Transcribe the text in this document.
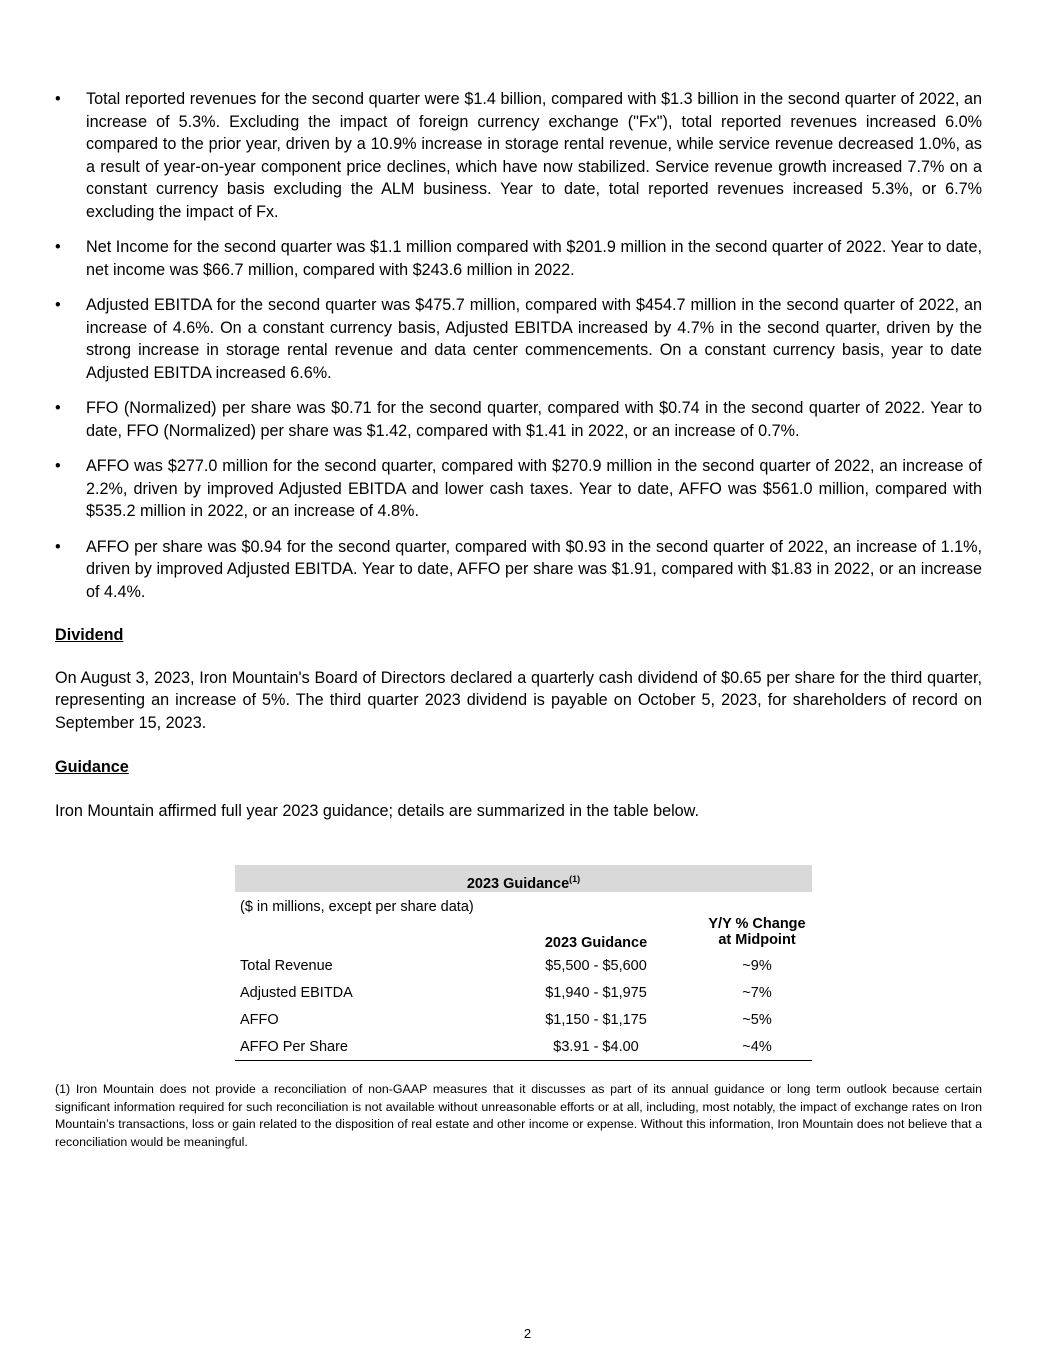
• Total reported revenues for the second quarter were $1.4 billion, compared with $1.3 billion in the second quarter of 2022, an increase of 5.3%. Excluding the impact of foreign currency exchange ("Fx"), total reported revenues increased 6.0% compared to the prior year, driven by a 10.9% increase in storage rental revenue, while service revenue decreased 1.0%, as a result of year-on-year component price declines, which have now stabilized. Service revenue growth increased 7.7% on a constant currency basis excluding the ALM business. Year to date, total reported revenues increased 5.3%, or 6.7% excluding the impact of Fx.
• Net Income for the second quarter was $1.1 million compared with $201.9 million in the second quarter of 2022. Year to date, net income was $66.7 million, compared with $243.6 million in 2022.
• Adjusted EBITDA for the second quarter was $475.7 million, compared with $454.7 million in the second quarter of 2022, an increase of 4.6%. On a constant currency basis, Adjusted EBITDA increased by 4.7% in the second quarter, driven by the strong increase in storage rental revenue and data center commencements. On a constant currency basis, year to date Adjusted EBITDA increased 6.6%.
• FFO (Normalized) per share was $0.71 for the second quarter, compared with $0.74 in the second quarter of 2022. Year to date, FFO (Normalized) per share was $1.42, compared with $1.41 in 2022, or an increase of 0.7%.
• AFFO was $277.0 million for the second quarter, compared with $270.9 million in the second quarter of 2022, an increase of 2.2%, driven by improved Adjusted EBITDA and lower cash taxes. Year to date, AFFO was $561.0 million, compared with $535.2 million in 2022, or an increase of 4.8%.
• AFFO per share was $0.94 for the second quarter, compared with $0.93 in the second quarter of 2022, an increase of 1.1%, driven by improved Adjusted EBITDA. Year to date, AFFO per share was $1.91, compared with $1.83 in 2022, or an increase of 4.4%.

Dividend

On August 3, 2023, Iron Mountain's Board of Directors declared a quarterly cash dividend of $0.65 per share for the third quarter, representing an increase of 5%. The third quarter 2023 dividend is payable on October 5, 2023, for shareholders of record on September 15, 2023.

Guidance

Iron Mountain affirmed full year 2023 guidance; details are summarized in the table below.

2023 Guidance$^{(1)}$
($ in millions, except per share data)
2023 Guidance
Y/Y % Change
at Midpoint
Total Revenue	$5,500 - $5,600	~9%
Adjusted EBITDA	$1,940 - $1,975	~7%
AFFO	$1,150 - $1,175	~5%
AFFO Per Share	$3.91 - $4.00	~4%

(1) Iron Mountain does not provide a reconciliation of non-GAAP measures that it discusses as part of its annual guidance or long term outlook because certain significant information required for such reconciliation is not available without unreasonable efforts or at all, including, most notably, the impact of exchange rates on Iron Mountain’s transactions, loss or gain related to the disposition of real estate and other income or expense. Without this information, Iron Mountain does not believe that a reconciliation would be meaningful.

2
